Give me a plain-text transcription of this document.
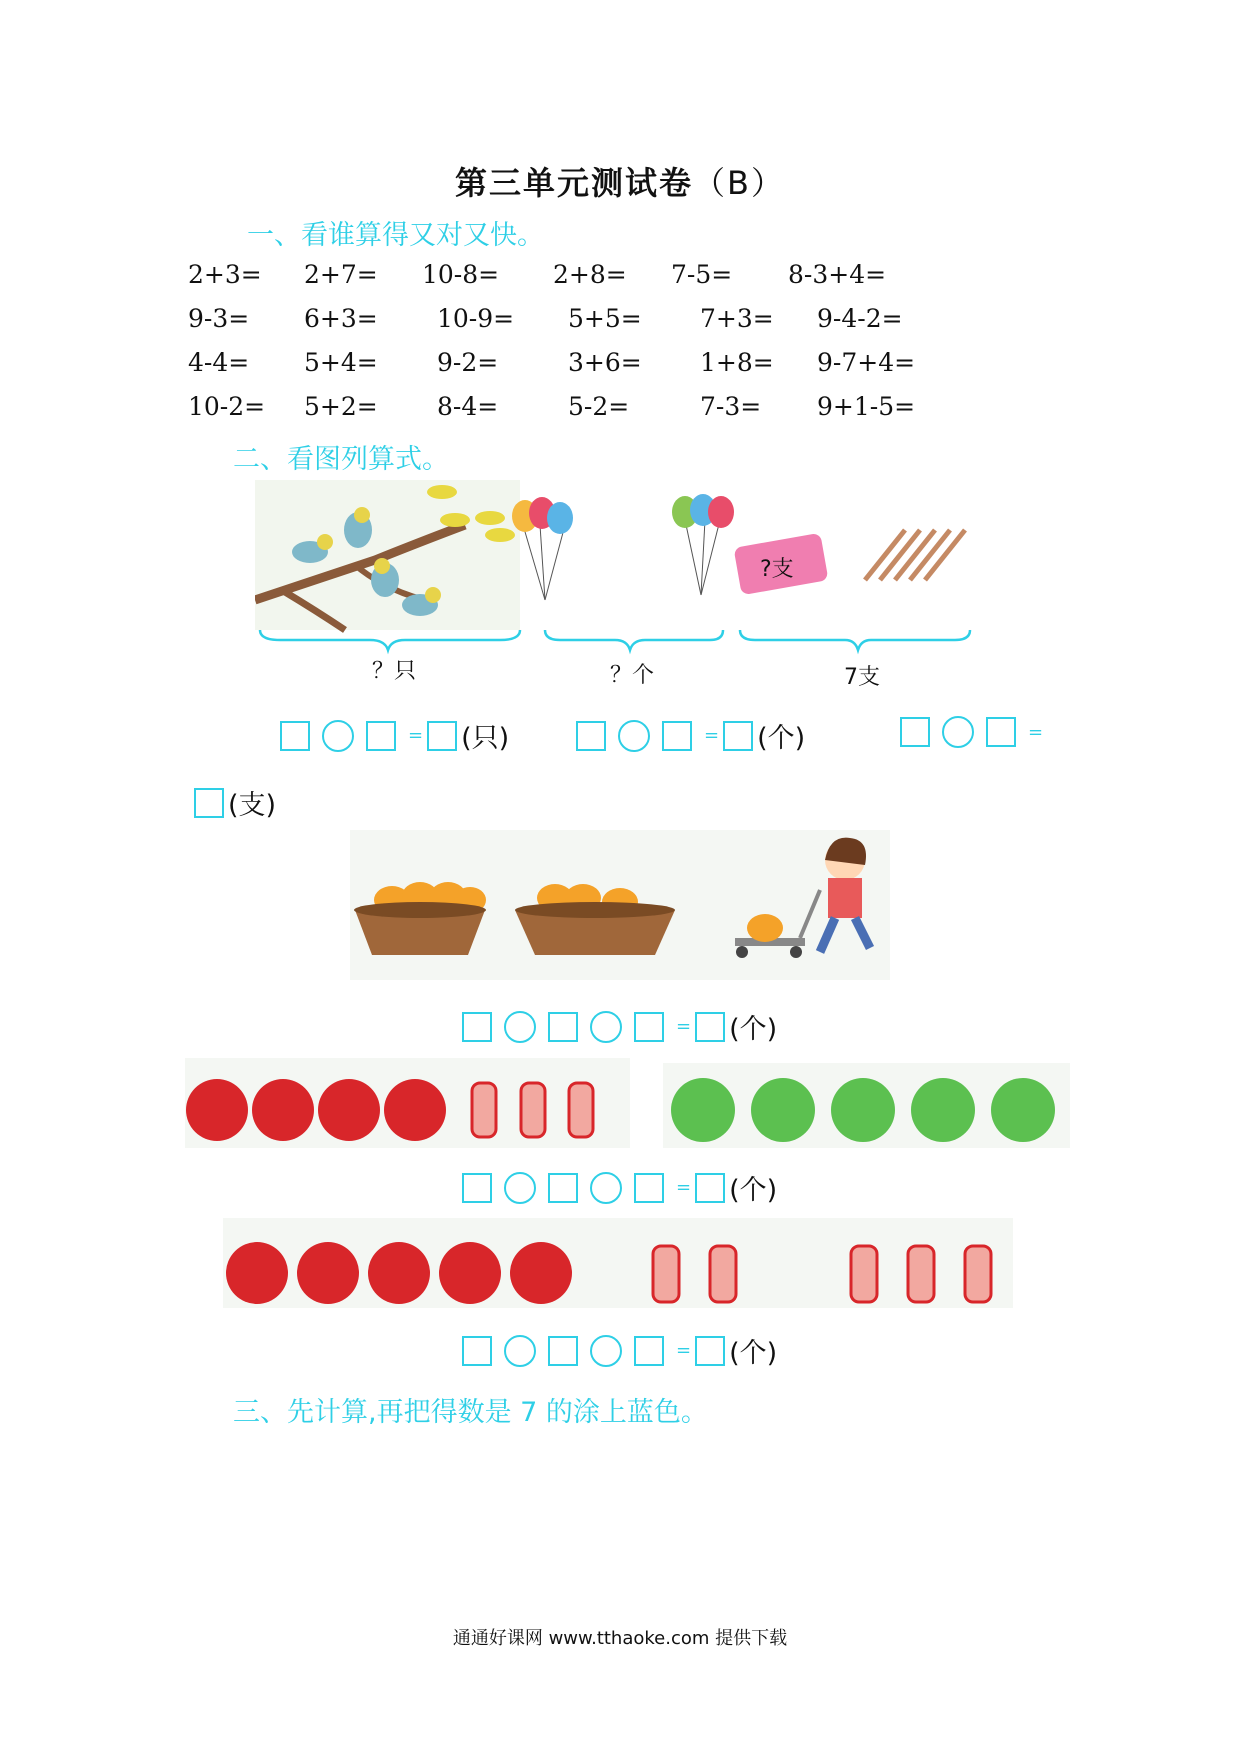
第三单元测试卷（B）
一、看谁算得又对又快。
2+3= 2+7= 10-8= 2+8= 7-5= 8-3+4=
9-3= 6+3= 10-9= 5+5= 7+3= 9-4-2=
4-4= 5+4= 9-2=	3+6= 1+8= 9-7+4=
10-2= 5+2= 8-4=	5-2=	7-3= 9+1-5=
二、看图列算式。
?支
？只	？个	7支
= (只)	= (个)	=
(支)
= (个)
= (个)
= (个)
三、先计算,再把得数是 7 的涂上蓝色。
通通好课网 www.tthaoke.com 提供下载
